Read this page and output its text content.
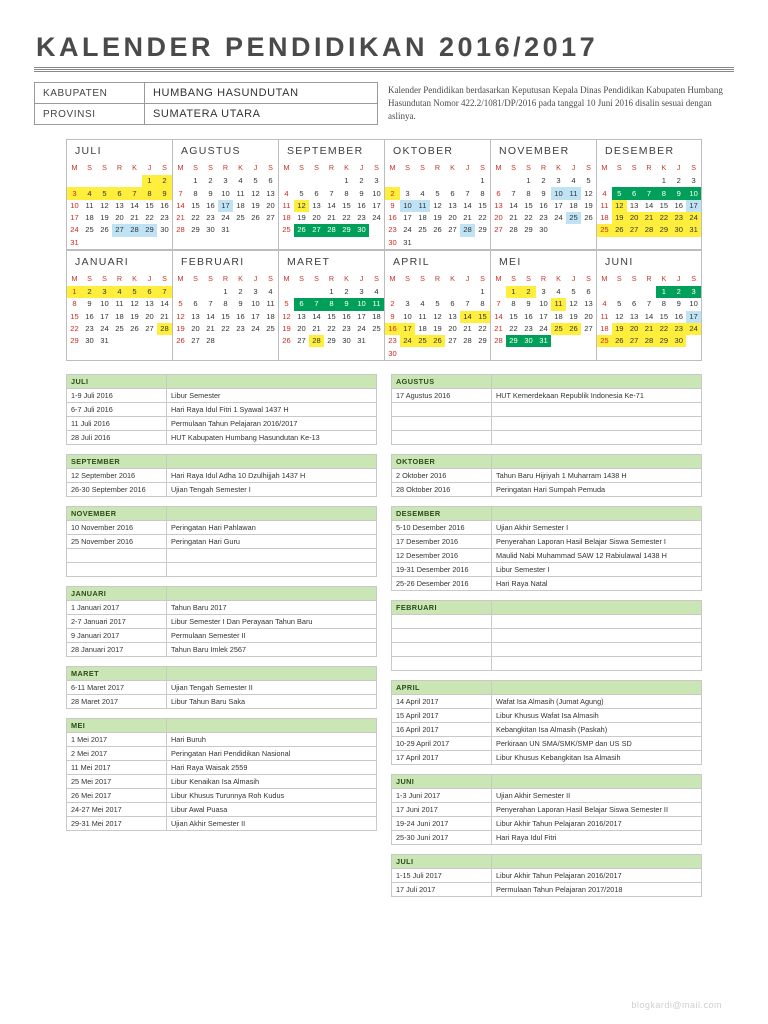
KALENDER PENDIDIKAN 2016/2017
KABUPATEN	HUMBANG HASUNDUTAN
PROVINSI	SUMATERA UTARA
Kalender Pendidikan berdasarkan Keputusan Kepala Dinas Pendidikan Kabupaten Humbang Hasundutan Nomor 422.2/1081/DP/2016 pada tanggal 10 Juni 2016 disalin sesuai dengan aslinya.
JULI
M	S	S	R	K	J	S
					1	2
3	4	5	6	7	8	9
10	11	12	13	14	15	16
17	18	19	20	21	22	23
24	25	26	27	28	29	30
31						
AGUSTUS
M	S	S	R	K	J	S
	1	2	3	4	5	6
7	8	9	10	11	12	13
14	15	16	17	18	19	20
21	22	23	24	25	26	27
28	29	30	31			

SEPTEMBER
M	S	S	R	K	J	S
				1	2	3
4	5	6	7	8	9	10
11	12	13	14	15	16	17
18	19	20	21	22	23	24
25	26	27	28	29	30	

OKTOBER
M	S	S	R	K	J	S
						1
2	3	4	5	6	7	8
9	10	11	12	13	14	15
16	17	18	19	20	21	22
23	24	25	26	27	28	29
30	31					
NOVEMBER
M	S	S	R	K	J	S
		1	2	3	4	5
6	7	8	9	10	11	12
13	14	15	16	17	18	19
20	21	22	23	24	25	26
27	28	29	30			

DESEMBER
M	S	S	R	K	J	S
				1	2	3
4	5	6	7	8	9	10
11	12	13	14	15	16	17
18	19	20	21	22	23	24
25	26	27	28	29	30	31

JANUARI
M	S	S	R	K	J	S
1	2	3	4	5	6	7
8	9	10	11	12	13	14
15	16	17	18	19	20	21
22	23	24	25	26	27	28
29	30	31				

FEBRUARI
M	S	S	R	K	J	S
			1	2	3	4
5	6	7	8	9	10	11
12	13	14	15	16	17	18
19	20	21	22	23	24	25
26	27	28				

MARET
M	S	S	R	K	J	S
			1	2	3	4
5	6	7	8	9	10	11
12	13	14	15	16	17	18
19	20	21	22	23	24	25
26	27	28	29	30	31	

APRIL
M	S	S	R	K	J	S
						1
2	3	4	5	6	7	8
9	10	11	12	13	14	15
16	17	18	19	20	21	22
23	24	25	26	27	28	29
30						
MEI
M	S	S	R	K	J	S
	1	2	3	4	5	6
7	8	9	10	11	12	13
14	15	16	17	18	19	20
21	22	23	24	25	26	27
28	29	30	31			

JUNI
M	S	S	R	K	J	S
				1	2	3
4	5	6	7	8	9	10
11	12	13	14	15	16	17
18	19	20	21	22	23	24
25	26	27	28	29	30	

JULI	
1-9 Juli 2016	Libur Semester
6-7 Juli 2016	Hari Raya Idul Fitri 1 Syawal 1437 H
11 Juli 2016	Permulaan Tahun Pelajaran 2016/2017
28 Juli 2016	HUT Kabupaten Humbang Hasundutan Ke-13
SEPTEMBER	
12 September 2016	Hari Raya Idul Adha 10 Dzulhijjah 1437 H
26-30 September 2016	Ujian Tengah Semester I
NOVEMBER	
10 November 2016	Peringatan Hari Pahlawan
25 November 2016	Peringatan Hari Guru

JANUARI	
1 Januari 2017	Tahun Baru 2017
2-7 Januari 2017	Libur Semester I Dan Perayaan Tahun Baru
9 Januari 2017	Permulaan Semester II
28 Januari 2017	Tahun Baru Imlek 2567
MARET	
6-11 Maret 2017	Ujian Tengah Semester II
28 Maret 2017	Libur Tahun Baru Saka
MEI	
1 Mei 2017	Hari Buruh
2 Mei 2017	Peringatan Hari Pendidikan Nasional
11 Mei 2017	Hari Raya Waisak 2559
25 Mei 2017	Libur Kenaikan Isa Almasih
26 Mei 2017	Libur Khusus Turunnya Roh Kudus
24-27 Mei 2017	Libur Awal Puasa
29-31 Mei 2017	Ujian Akhir Semester II
AGUSTUS	
17 Agustus 2016	HUT Kemerdekaan Republik Indonesia Ke-71

OKTOBER	
2 Oktober 2016	Tahun Baru Hijriyah 1 Muharram 1438 H
28 Oktober 2016	Peringatan Hari Sumpah Pemuda
DESEMBER	
5-10 Desember 2016	Ujian Akhir Semester I
17 Desember 2016	Penyerahan Laporan Hasil Belajar Siswa Semester I
12 Desember 2016	Maulid Nabi Muhammad SAW 12 Rabiulawal 1438 H
19-31 Desember 2016	Libur Semester I
25-26 Desember 2016	Hari Raya Natal
FEBRUARI	

APRIL	
14 April 2017	Wafat Isa Almasih (Jumat Agung)
15 April 2017	Libur Khusus Wafat Isa Almasih
16 April 2017	Kebangkitan Isa Almasih (Paskah)
10-29 April 2017	Perkiraan UN SMA/SMK/SMP dan US SD
17 April 2017	Libur Khusus Kebangkitan Isa Almasih
JUNI	
1-3 Juni 2017	Ujian Akhir Semester II
17 Juni 2017	Penyerahan Laporan Hasil Belajar Siswa Semester II
19-24 Juni 2017	Libur Akhir Tahun Pelajaran 2016/2017
25-30 Juni 2017	Hari Raya Idul Fitri
JULI	
1-15 Juli 2017	Libur Akhir Tahun Pelajaran 2016/2017
17 Juli 2017	Permulaan Tahun Pelajaran 2017/2018
blogkardi@mail.com
